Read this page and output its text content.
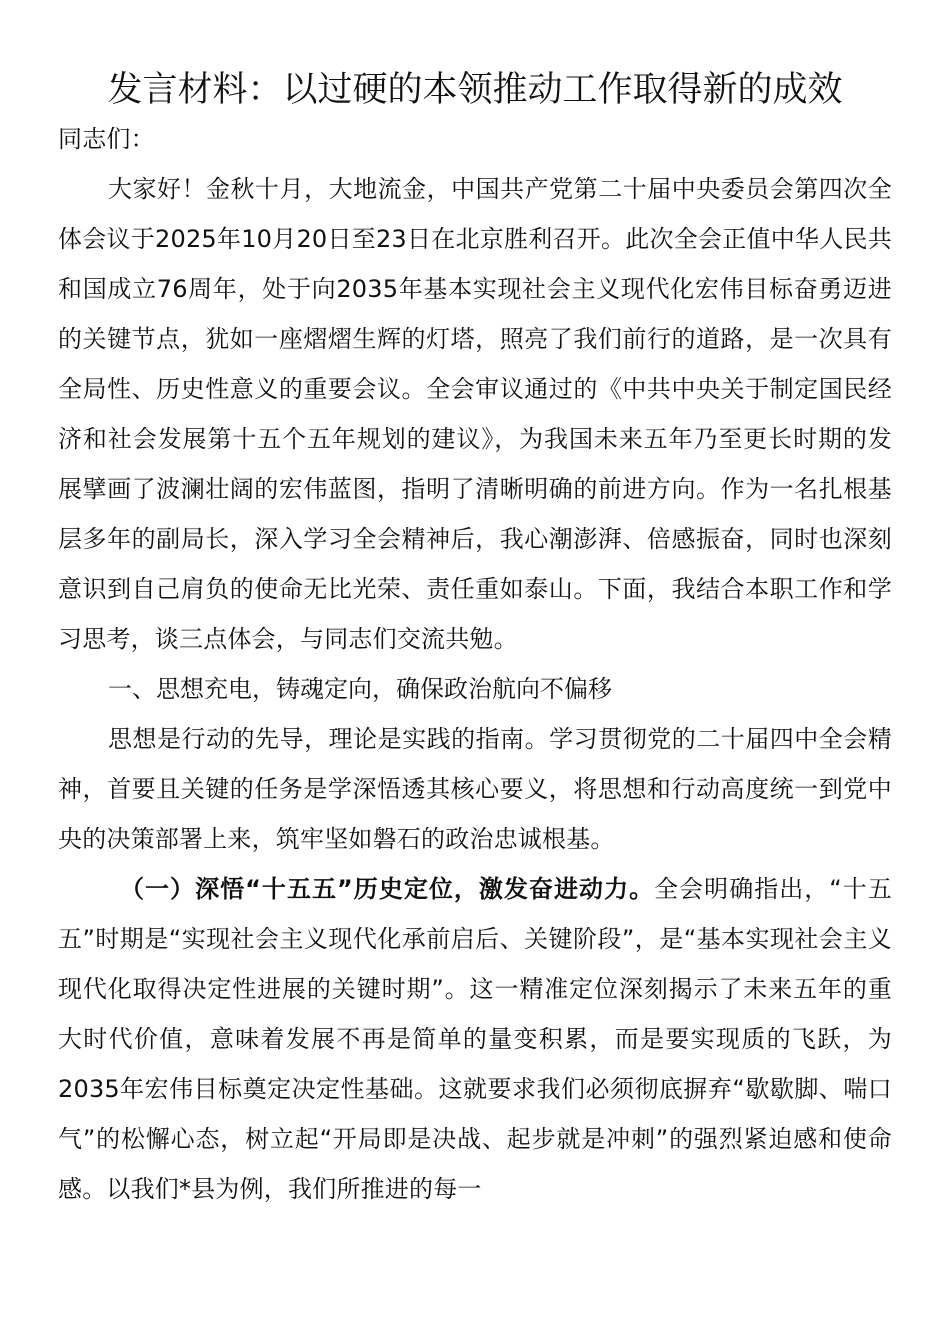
发言材料：以过硬的本领推动工作取得新的成效

同志们：

大家好！金秋十月，大地流金，中国共产党第二十届中央委员会第四次全体会议于2025年10月20日至23日在北京胜利召开。此次全会正值中华人民共和国成立76周年，处于向2035年基本实现社会主义现代化宏伟目标奋勇迈进的关键节点，犹如一座熠熠生辉的灯塔，照亮了我们前行的道路，是一次具有全局性、历史性意义的重要会议。全会审议通过的《中共中央关于制定国民经济和社会发展第十五个五年规划的建议》，为我国未来五年乃至更长时期的发展擘画了波澜壮阔的宏伟蓝图，指明了清晰明确的前进方向。作为一名扎根基层多年的副局长，深入学习全会精神后，我心潮澎湃、倍感振奋，同时也深刻意识到自己肩负的使命无比光荣、责任重如泰山。下面，我结合本职工作和学习思考，谈三点体会，与同志们交流共勉。

一、思想充电，铸魂定向，确保政治航向不偏移

思想是行动的先导，理论是实践的指南。学习贯彻党的二十届四中全会精神，首要且关键的任务是学深悟透其核心要义，将思想和行动高度统一到党中央的决策部署上来，筑牢坚如磐石的政治忠诚根基。

（一）深悟“十五五”历史定位，激发奋进动力。全会明确指出，“十五五”时期是“实现社会主义现代化承前启后、关键阶段”，是“基本实现社会主义现代化取得决定性进展的关键时期”。这一精准定位深刻揭示了未来五年的重大时代价值，意味着发展不再是简单的量变积累，而是要实现质的飞跃，为2035年宏伟目标奠定决定性基础。这就要求我们必须彻底摒弃“歇歇脚、喘口气”的松懈心态，树立起“开局即是决战、起步就是冲刺”的强烈紧迫感和使命感。以我们*县为例，我们所推进的每一
